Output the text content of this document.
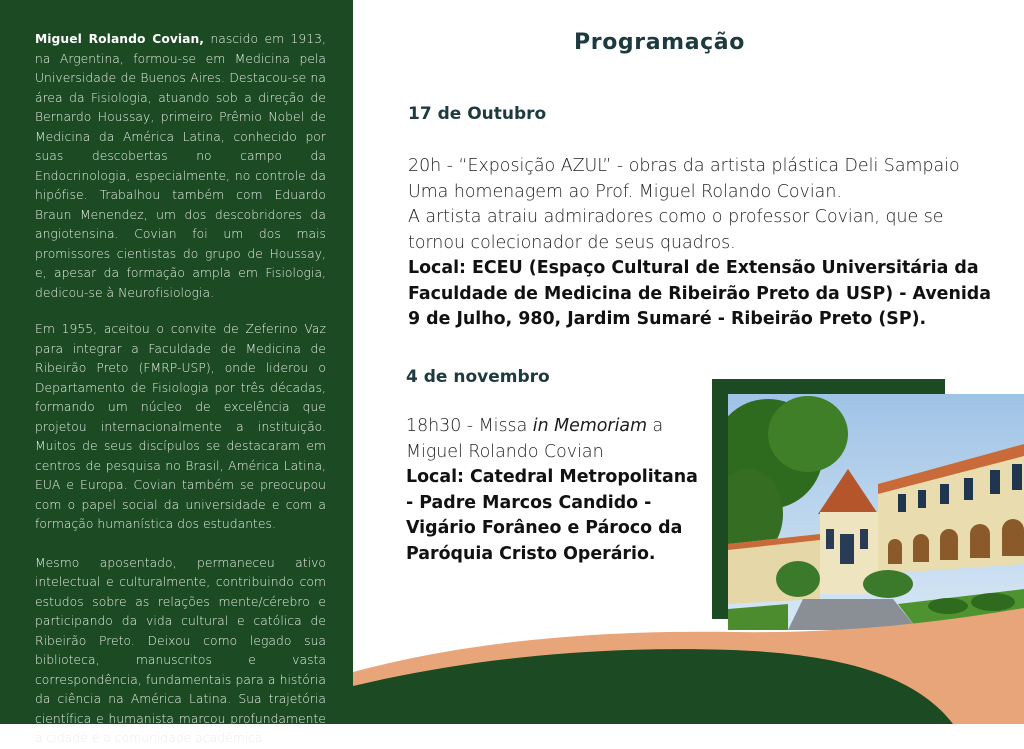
Miguel Rolando Covian, nascido em 1913, na Argentina, formou-se em Medicina pela Universidade de Buenos Aires. Destacou-se na área da Fisiologia, atuando sob a direção de Bernardo Houssay, primeiro Prêmio Nobel de Medicina da América Latina, conhecido por suas descobertas no campo da Endocrinologia, especialmente, no controle da hipófise. Trabalhou também com Eduardo Braun Menendez, um dos descobridores da angiotensina. Covian foi um dos mais promissores cientistas do grupo de Houssay, e, apesar da formação ampla em Fisiologia, dedicou-se à Neurofisiologia.

Em 1955, aceitou o convite de Zeferino Vaz para integrar a Faculdade de Medicina de Ribeirão Preto (FMRP-USP), onde liderou o Departamento de Fisiologia por três décadas, formando um núcleo de excelência que projetou internacionalmente a instituição. Muitos de seus discípulos se destacaram em centros de pesquisa no Brasil, América Latina, EUA e Europa. Covian também se preocupou com o papel social da universidade e com a formação humanística dos estudantes.

Mesmo aposentado, permaneceu ativo intelectual e culturalmente, contribuindo com estudos sobre as relações mente/cérebro e participando da vida cultural e católica de Ribeirão Preto. Deixou como legado sua biblioteca, manuscritos e vasta correspondência, fundamentais para a história da ciência na América Latina. Sua trajetória científica e humanista marcou profundamente a cidade e a comunidade acadêmica.

Programação
17 de Outubro
20h - “Exposição AZUL” - obras da artista plástica Deli Sampaio
Uma homenagem ao Prof. Miguel Rolando Covian.
A artista atraiu admiradores como o professor Covian, que se tornou colecionador de seus quadros.
Local: ECEU (Espaço Cultural de Extensão Universitária da Faculdade de Medicina de Ribeirão Preto da USP) - Avenida 9 de Julho, 980, Jardim Sumaré - Ribeirão Preto (SP).
4 de novembro
18h30 - Missa in Memoriam a Miguel Rolando Covian
Local: Catedral Metropolitana - Padre Marcos Candido - Vigário Forâneo e Pároco da Paróquia Cristo Operário.
